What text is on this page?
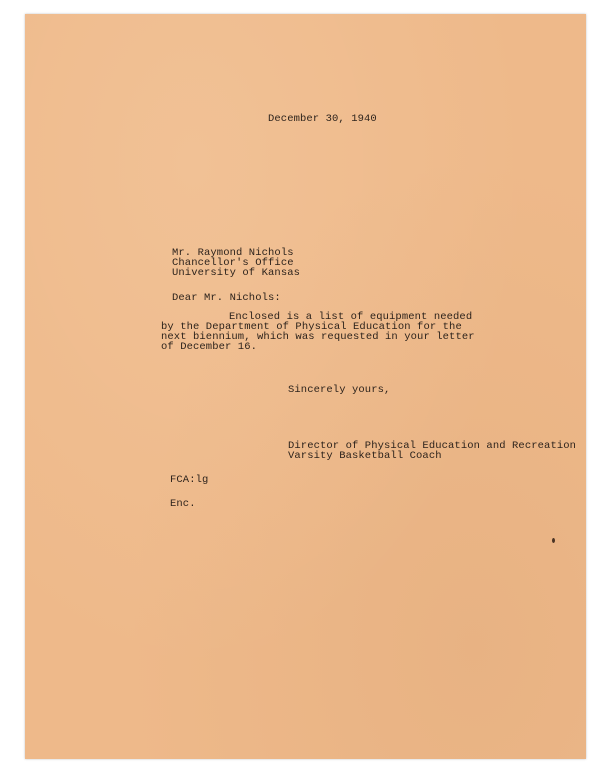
December 30, 1940
Mr. Raymond Nichols
Chancellor's Office
University of Kansas
Dear Mr. Nichols:
Enclosed is a list of equipment needed
by the Department of Physical Education for the
next biennium, which was requested in your letter
of December 16.
Sincerely yours,
Director of Physical Education and Recreation
Varsity Basketball Coach
FCA:lg
Enc.
